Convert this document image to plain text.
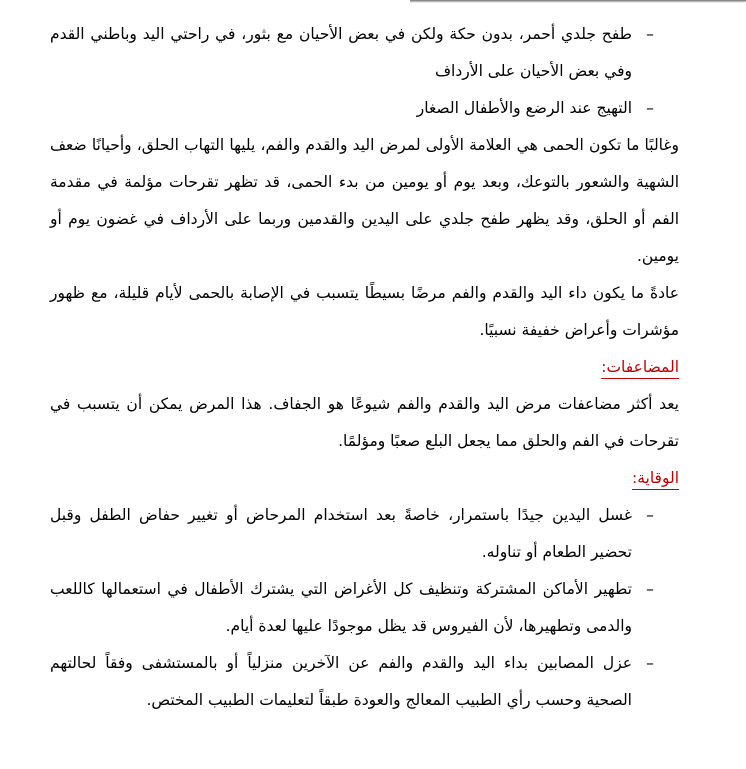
–
طفح جلدي أحمر، بدون حكة ولكن في بعض الأحيان مع بثور، في راحتي اليد وباطني القدم وفي بعض الأحيان على الأرداف

–
التهيج عند الرضع والأطفال الصغار

وغالبًا ما تكون الحمى هي العلامة الأولى لمرض اليد والقدم والفم، يليها التهاب الحلق، وأحيانًا ضعف الشهية والشعور بالتوعك، وبعد يوم أو يومين من بدء الحمى، قد تظهر تقرحات مؤلمة في مقدمة الفم أو الحلق، وقد يظهر طفح جلدي على اليدين والقدمين وربما على الأرداف في غضون يوم أو يومين.

عادةً ما يكون داء اليد والقدم والفم مرضًا بسيطًا يتسبب في الإصابة بالحمى لأيام قليلة، مع ظهور مؤشرات وأعراض خفيفة نسبيًا.

المضاعفات:

يعد أكثر مضاعفات مرض اليد والقدم والفم شيوعًا هو الجفاف. هذا المرض يمكن أن يتسبب في تقرحات في الفم والحلق مما يجعل البلع صعبًا ومؤلمًا.

الوقاية:

–
غسل اليدين جيدًا باستمرار، خاصةً بعد استخدام المرحاض أو تغيير حفاض الطفل وقبل تحضير الطعام أو تناوله.

–
تطهير الأماكن المشتركة وتنظيف كل الأغراض التي يشترك الأطفال في استعمالها كاللعب والدمى وتطهيرها، لأن الفيروس قد يظل موجودًا عليها لعدة أيام.

–
عزل المصابين بداء اليد والقدم والفم عن الآخرين منزلياً أو بالمستشفى وفقاً لحالتهم الصحية وحسب رأي الطبيب المعالج والعودة طبقاً لتعليمات الطبيب المختص.
